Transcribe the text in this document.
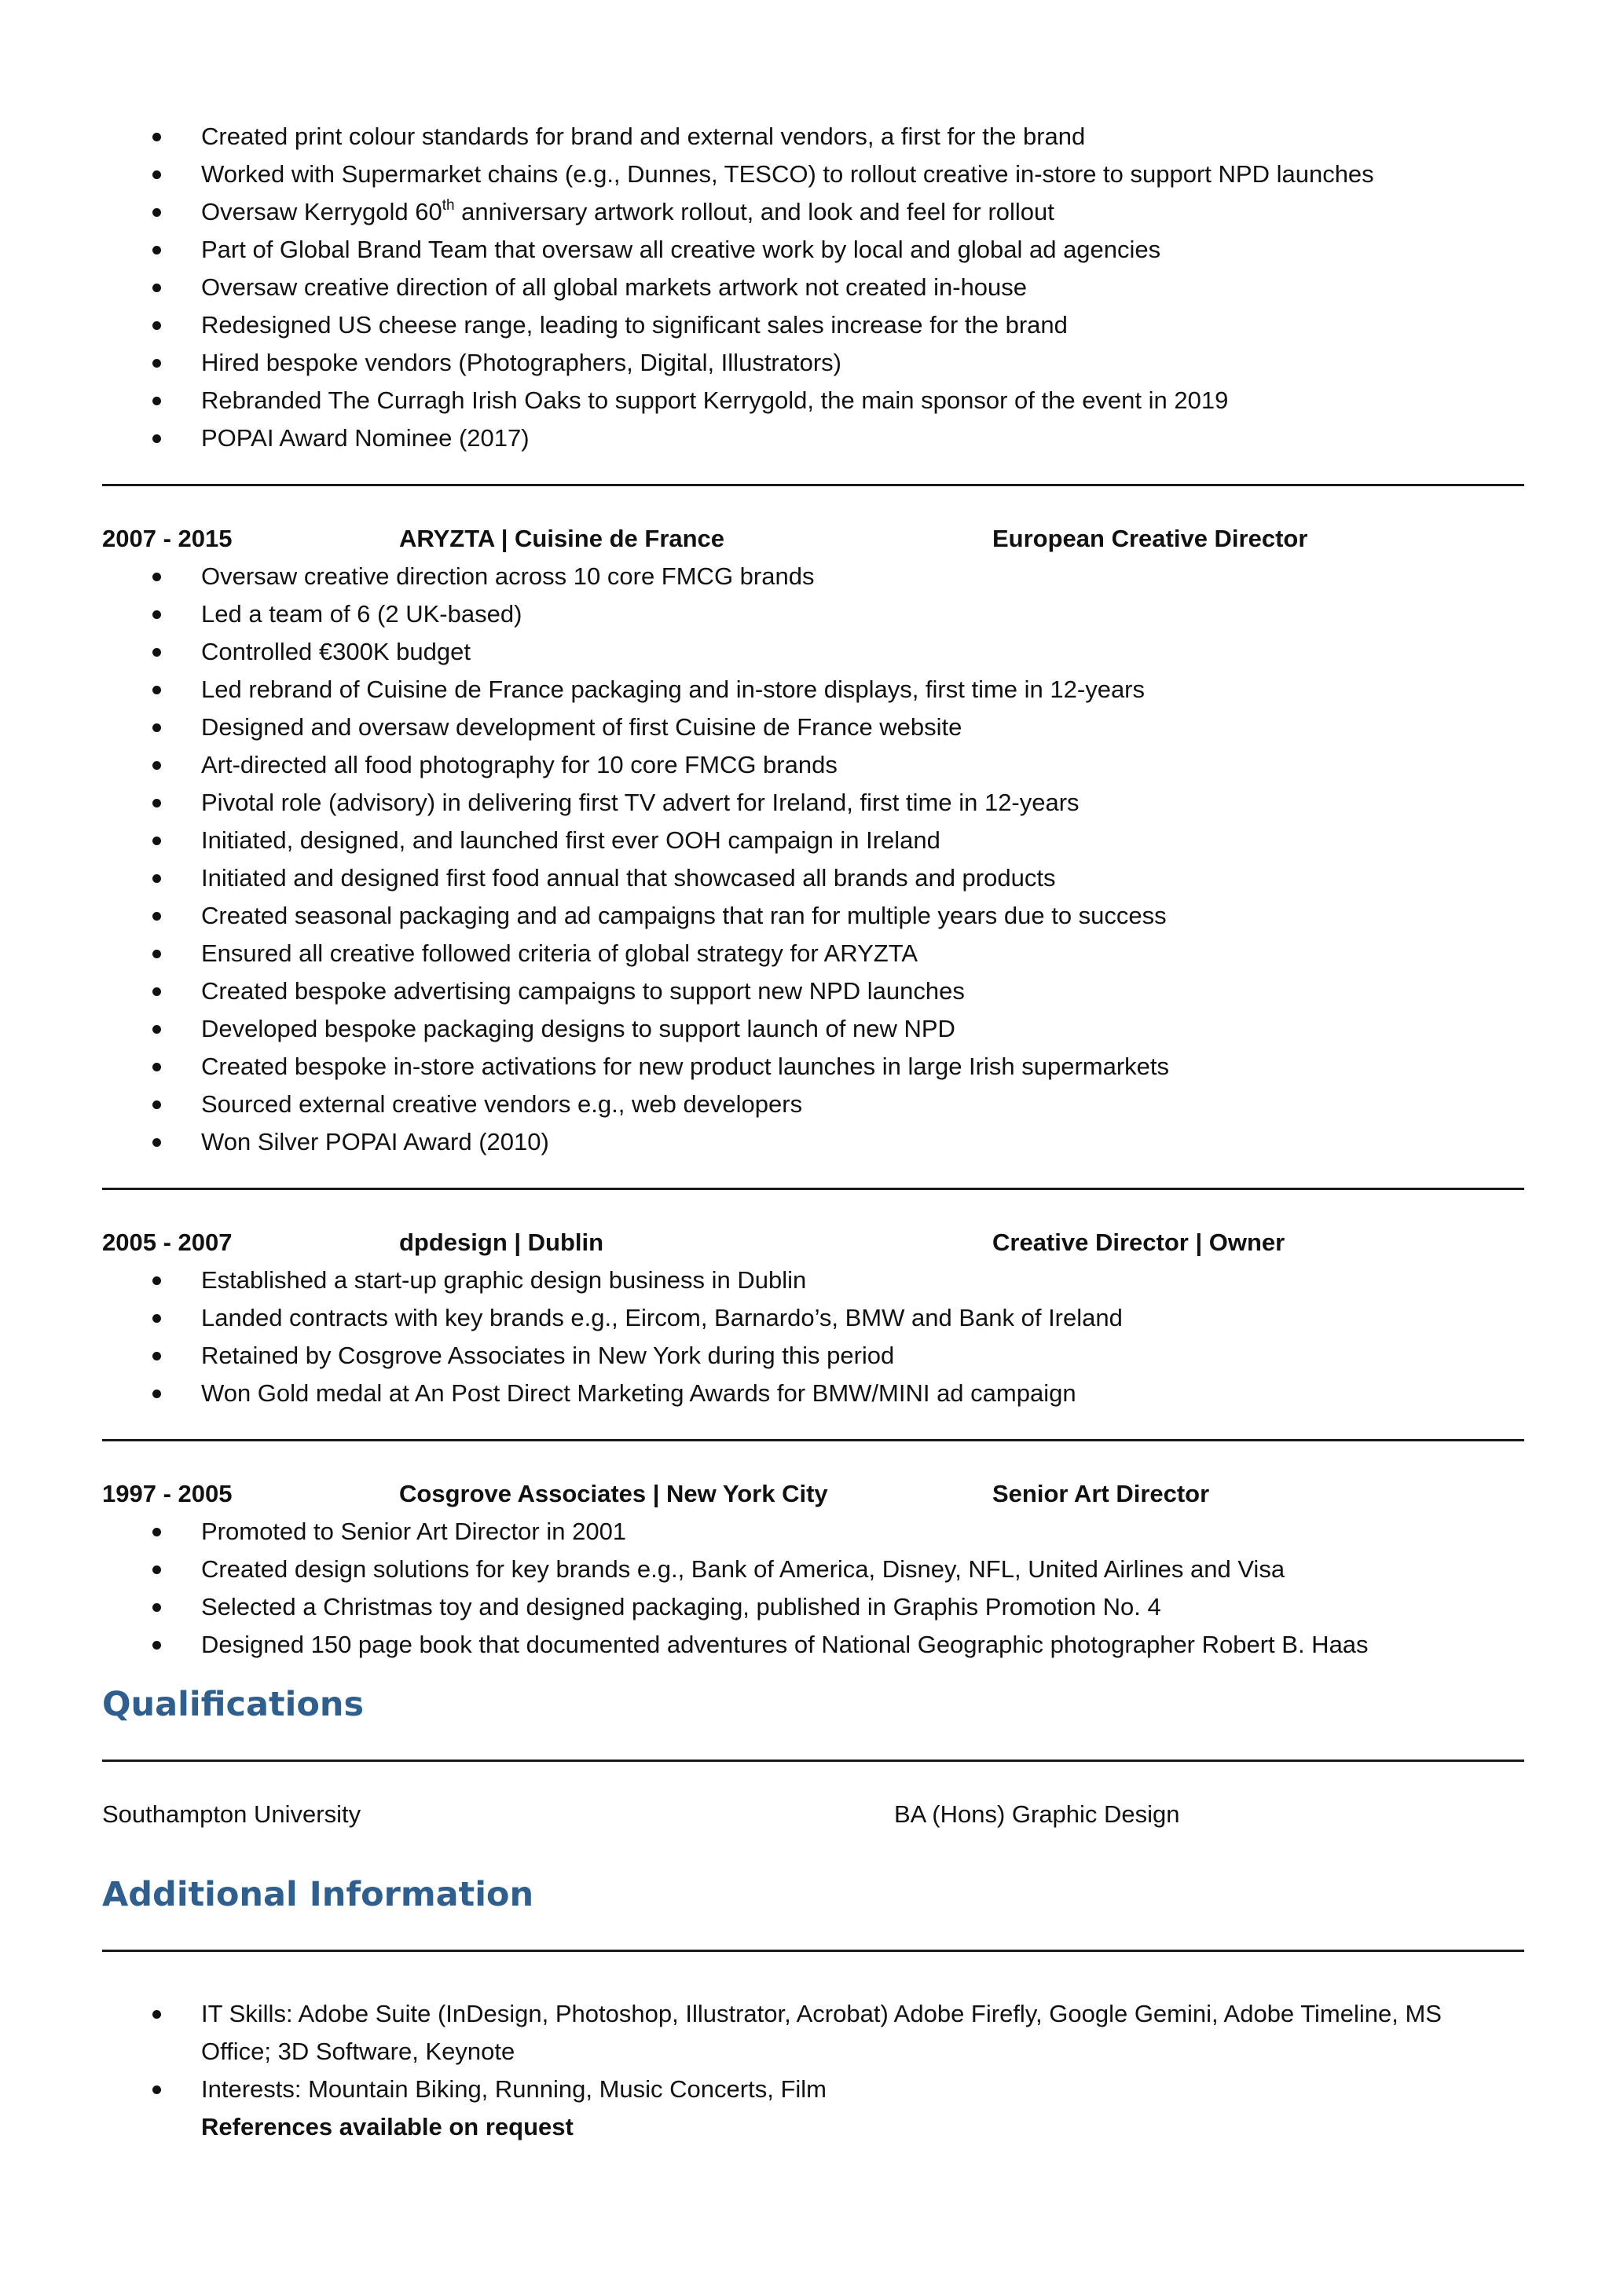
Created print colour standards for brand and external vendors, a first for the brand
Worked with Supermarket chains (e.g., Dunnes, TESCO) to rollout creative in-store to support NPD launches
Oversaw Kerrygold 60th anniversary artwork rollout, and look and feel for rollout
Part of Global Brand Team that oversaw all creative work by local and global ad agencies
Oversaw creative direction of all global markets artwork not created in-house
Redesigned US cheese range, leading to significant sales increase for the brand
Hired bespoke vendors (Photographers, Digital, Illustrators)
Rebranded The Curragh Irish Oaks to support Kerrygold, the main sponsor of the event in 2019
POPAI Award Nominee (2017)
2007 - 2015	ARYZTA | Cuisine de France	European Creative Director
Oversaw creative direction across 10 core FMCG brands
Led a team of 6 (2 UK-based)
Controlled €300K budget
Led rebrand of Cuisine de France packaging and in-store displays, first time in 12-years
Designed and oversaw development of first Cuisine de France website
Art-directed all food photography for 10 core FMCG brands
Pivotal role (advisory) in delivering first TV advert for Ireland, first time in 12-years
Initiated, designed, and launched first ever OOH campaign in Ireland
Initiated and designed first food annual that showcased all brands and products
Created seasonal packaging and ad campaigns that ran for multiple years due to success
Ensured all creative followed criteria of global strategy for ARYZTA
Created bespoke advertising campaigns to support new NPD launches
Developed bespoke packaging designs to support launch of new NPD
Created bespoke in-store activations for new product launches in large Irish supermarkets
Sourced external creative vendors e.g., web developers
Won Silver POPAI Award (2010)
2005 - 2007	dpdesign | Dublin	Creative Director | Owner
Established a start-up graphic design business in Dublin
Landed contracts with key brands e.g., Eircom, Barnardo’s, BMW and Bank of Ireland
Retained by Cosgrove Associates in New York during this period
Won Gold medal at An Post Direct Marketing Awards for BMW/MINI ad campaign
1997 - 2005	Cosgrove Associates | New York City	Senior Art Director
Promoted to Senior Art Director in 2001
Created design solutions for key brands e.g., Bank of America, Disney, NFL, United Airlines and Visa
Selected a Christmas toy and designed packaging, published in Graphis Promotion No. 4
Designed 150 page book that documented adventures of National Geographic photographer Robert B. Haas
Qualifications
Southampton University	BA (Hons) Graphic Design
Additional Information
IT Skills: Adobe Suite (InDesign, Photoshop, Illustrator, Acrobat) Adobe Firefly, Google Gemini, Adobe Timeline, MS Office; 3D Software, Keynote
Interests: Mountain Biking, Running, Music Concerts, Film
References available on request
